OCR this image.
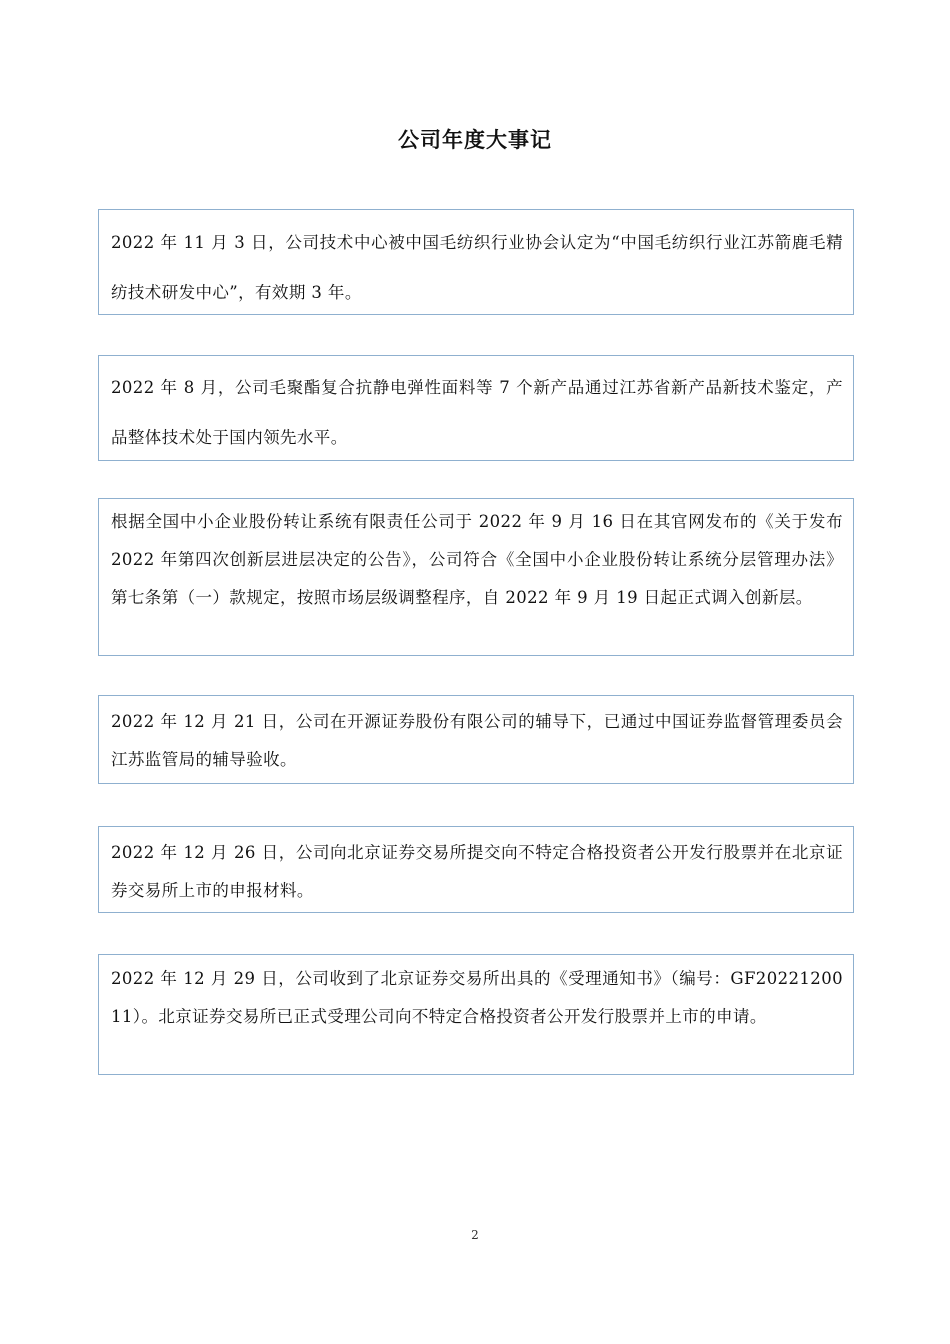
公司年度大事记
2022 年 11 月 3 日，公司技术中心被中国毛纺织行业协会认定为“中国毛纺织行业江苏箭鹿毛精纺技术研发中心”，有效期 3 年。
2022 年 8 月，公司毛聚酯复合抗静电弹性面料等 7 个新产品通过江苏省新产品新技术鉴定，产品整体技术处于国内领先水平。
根据全国中小企业股份转让系统有限责任公司于 2022 年 9 月 16 日在其官网发布的《关于发布 2022 年第四次创新层进层决定的公告》，公司符合《全国中小企业股份转让系统分层管理办法》第七条第（一）款规定，按照市场层级调整程序，自 2022 年 9 月 19 日起正式调入创新层。
2022 年 12 月 21 日，公司在开源证券股份有限公司的辅导下，已通过中国证券监督管理委员会江苏监管局的辅导验收。
2022 年 12 月 26 日，公司向北京证券交易所提交向不特定合格投资者公开发行股票并在北京证券交易所上市的申报材料。
2022 年 12 月 29 日，公司收到了北京证券交易所出具的《受理通知书》（编号：GF2022120011）。北京证券交易所已正式受理公司向不特定合格投资者公开发行股票并上市的申请。
2
